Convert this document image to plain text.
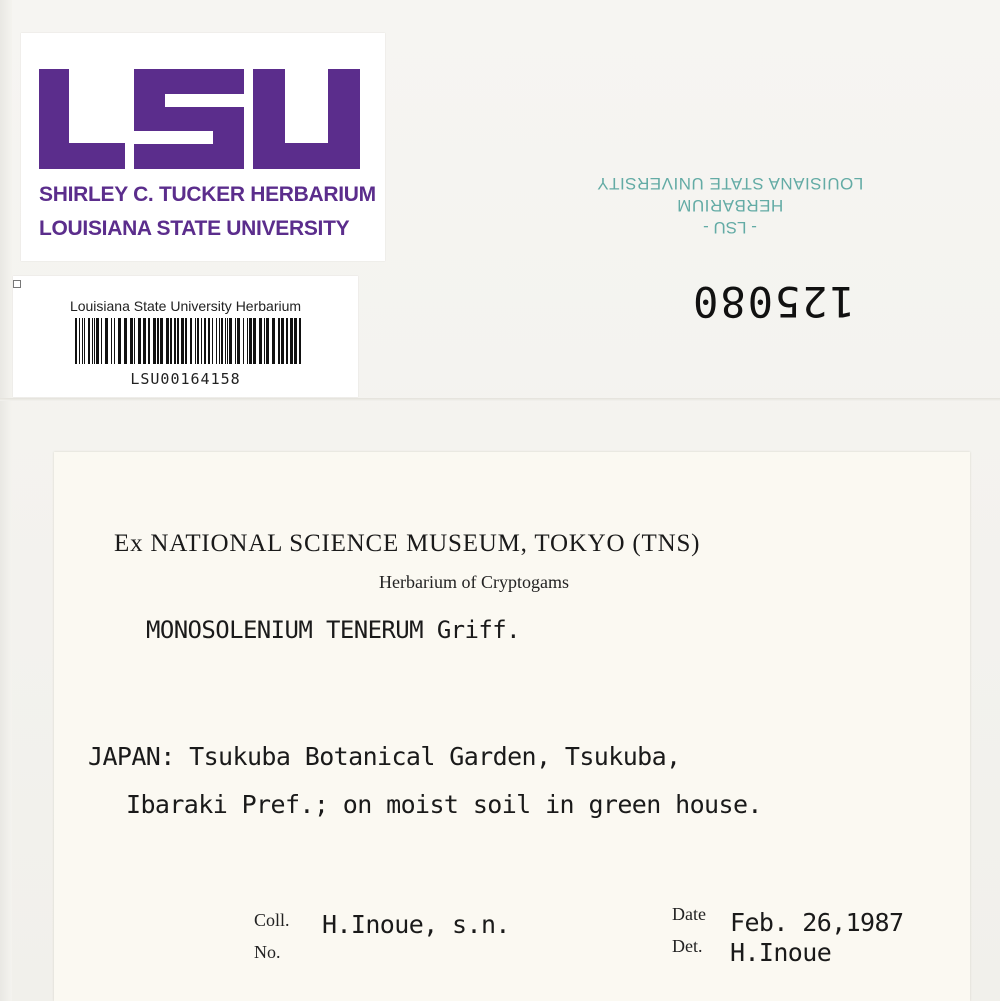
SHIRLEY C. TUCKER HERBARIUM
LOUISIANA STATE UNIVERSITY
Louisiana State University Herbarium
LSU00164158
- LSU -
HERBARIUM
LOUISIANA STATE UNIVERSITY
125080
Ex NATIONAL SCIENCE MUSEUM, TOKYO (TNS)
Herbarium of Cryptogams
MONOSOLENIUM TENERUM Griff.
JAPAN: Tsukuba Botanical Garden, Tsukuba,
Ibaraki Pref.; on moist soil in green house.
Coll.
No.
H.Inoue, s.n.	Date Feb. 26,1987
Det. H.Inoue
